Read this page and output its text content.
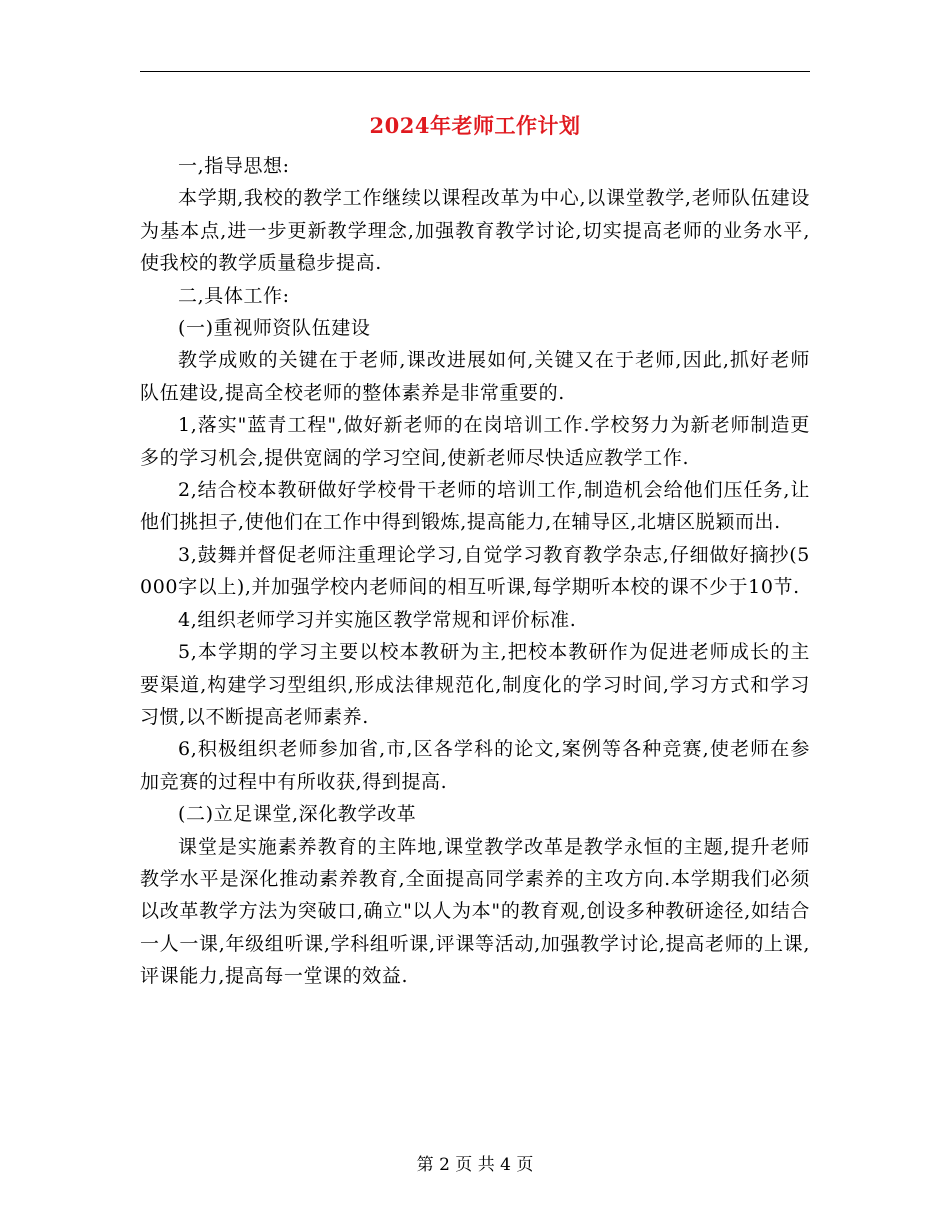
2024年老师工作计划

一,指导思想:

本学期,我校的教学工作继续以课程改革为中心,以课堂教学,老师队伍建设为基本点,进一步更新教学理念,加强教育教学讨论,切实提高老师的业务水平,使我校的教学质量稳步提高.

二,具体工作:

(一)重视师资队伍建设

教学成败的关键在于老师,课改进展如何,关键又在于老师,因此,抓好老师队伍建设,提高全校老师的整体素养是非常重要的.

1,落实"蓝青工程",做好新老师的在岗培训工作.学校努力为新老师制造更多的学习机会,提供宽阔的学习空间,使新老师尽快适应教学工作.

2,结合校本教研做好学校骨干老师的培训工作,制造机会给他们压任务,让他们挑担子,使他们在工作中得到锻炼,提高能力,在辅导区,北塘区脱颖而出.

3,鼓舞并督促老师注重理论学习,自觉学习教育教学杂志,仔细做好摘抄(5000字以上),并加强学校内老师间的相互听课,每学期听本校的课不少于10节.

4,组织老师学习并实施区教学常规和评价标准.

5,本学期的学习主要以校本教研为主,把校本教研作为促进老师成长的主要渠道,构建学习型组织,形成法律规范化,制度化的学习时间,学习方式和学习习惯,以不断提高老师素养.

6,积极组织老师参加省,市,区各学科的论文,案例等各种竞赛,使老师在参加竞赛的过程中有所收获,得到提高.

(二)立足课堂,深化教学改革

课堂是实施素养教育的主阵地,课堂教学改革是教学永恒的主题,提升老师教学水平是深化推动素养教育,全面提高同学素养的主攻方向.本学期我们必须以改革教学方法为突破口,确立"以人为本"的教育观,创设多种教研途径,如结合一人一课,年级组听课,学科组听课,评课等活动,加强教学讨论,提高老师的上课,评课能力,提高每一堂课的效益.

第 2 页 共 4 页
